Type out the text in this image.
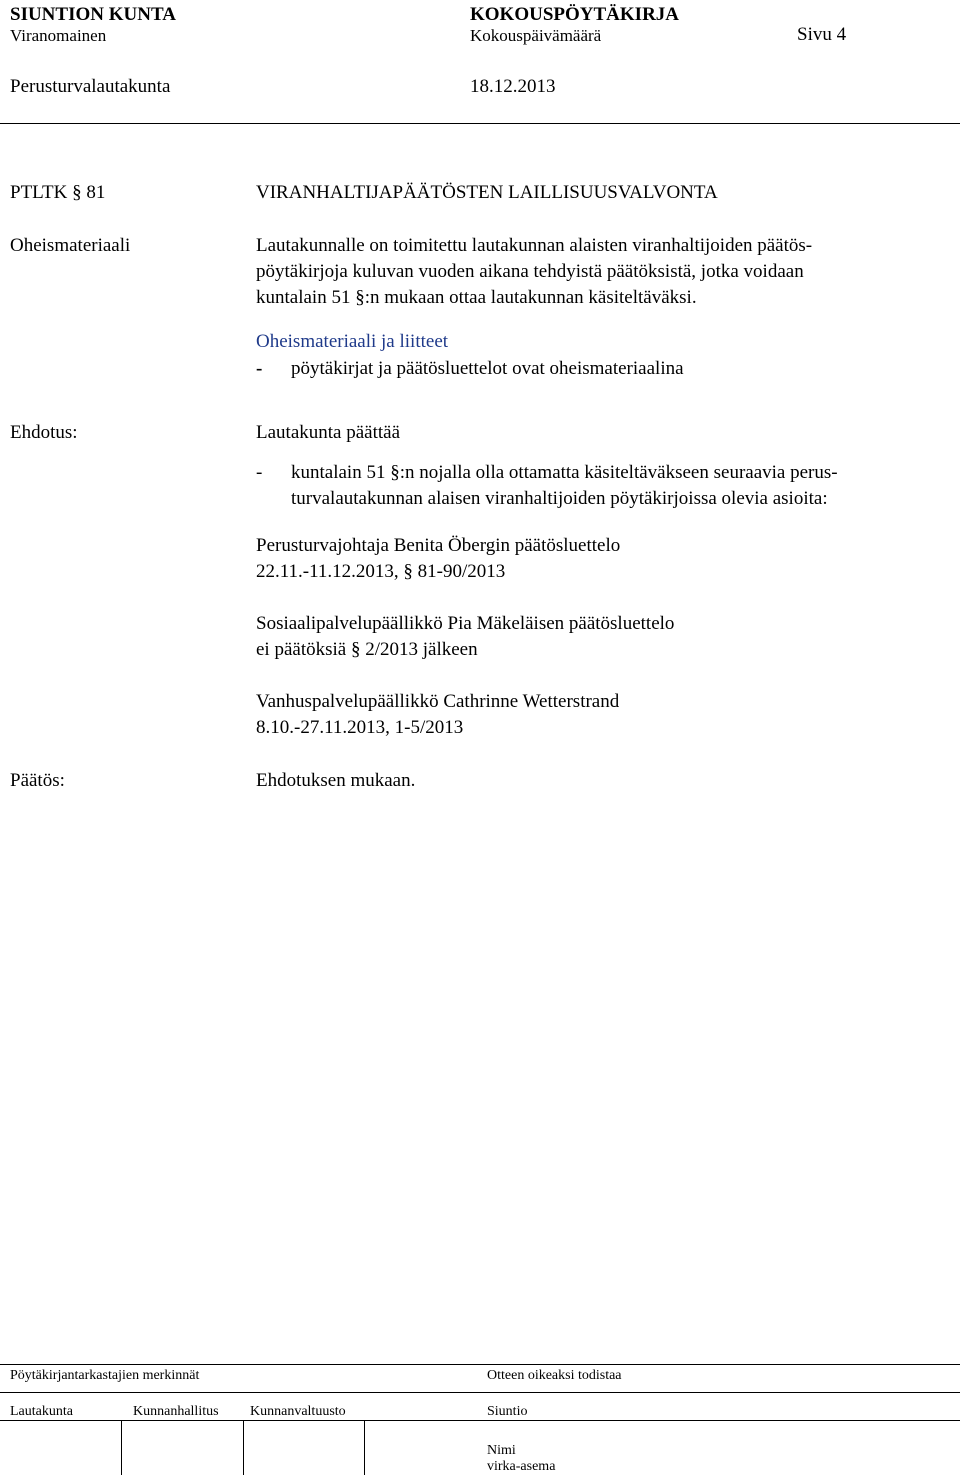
SIUNTION KUNTA	KOKOUSPÖYTÄKIRJA
Viranomainen	Kokouspäivämäärä	Sivu 4
Perusturvalautakunta	18.12.2013
PTLTK § 81	VIRANHALTIJAPÄÄTÖSTEN LAILLISUUSVALVONTA
Oheismateriaali	Lautakunnalle on toimitettu lautakunnan alaisten viranhaltijoiden päätös-
pöytäkirjoja kuluvan vuoden aikana tehdyistä päätöksistä, jotka voidaan
kuntalain 51 §:n mukaan ottaa lautakunnan käsiteltäväksi.
Oheismateriaali ja liitteet
- pöytäkirjat ja päätösluettelot ovat oheismateriaalina
Ehdotus:	Lautakunta päättää
- kuntalain 51 §:n nojalla olla ottamatta käsiteltäväkseen seuraavia perus-
turvalautakunnan alaisen viranhaltijoiden pöytäkirjoissa olevia asioita:
Perusturvajohtaja Benita Öbergin päätösluettelo
22.11.-11.12.2013, § 81-90/2013
Sosiaalipalvelupäällikkö Pia Mäkeläisen päätösluettelo
ei päätöksiä § 2/2013 jälkeen
Vanhuspalvelupäällikkö Cathrinne Wetterstrand
8.10.-27.11.2013, 1-5/2013
Päätös:	Ehdotuksen mukaan.
Pöytäkirjantarkastajien merkinnät	Otteen oikeaksi todistaa
Lautakunta	Kunnanhallitus Kunnanvaltuusto	Siuntio
Nimi
virka-asema
